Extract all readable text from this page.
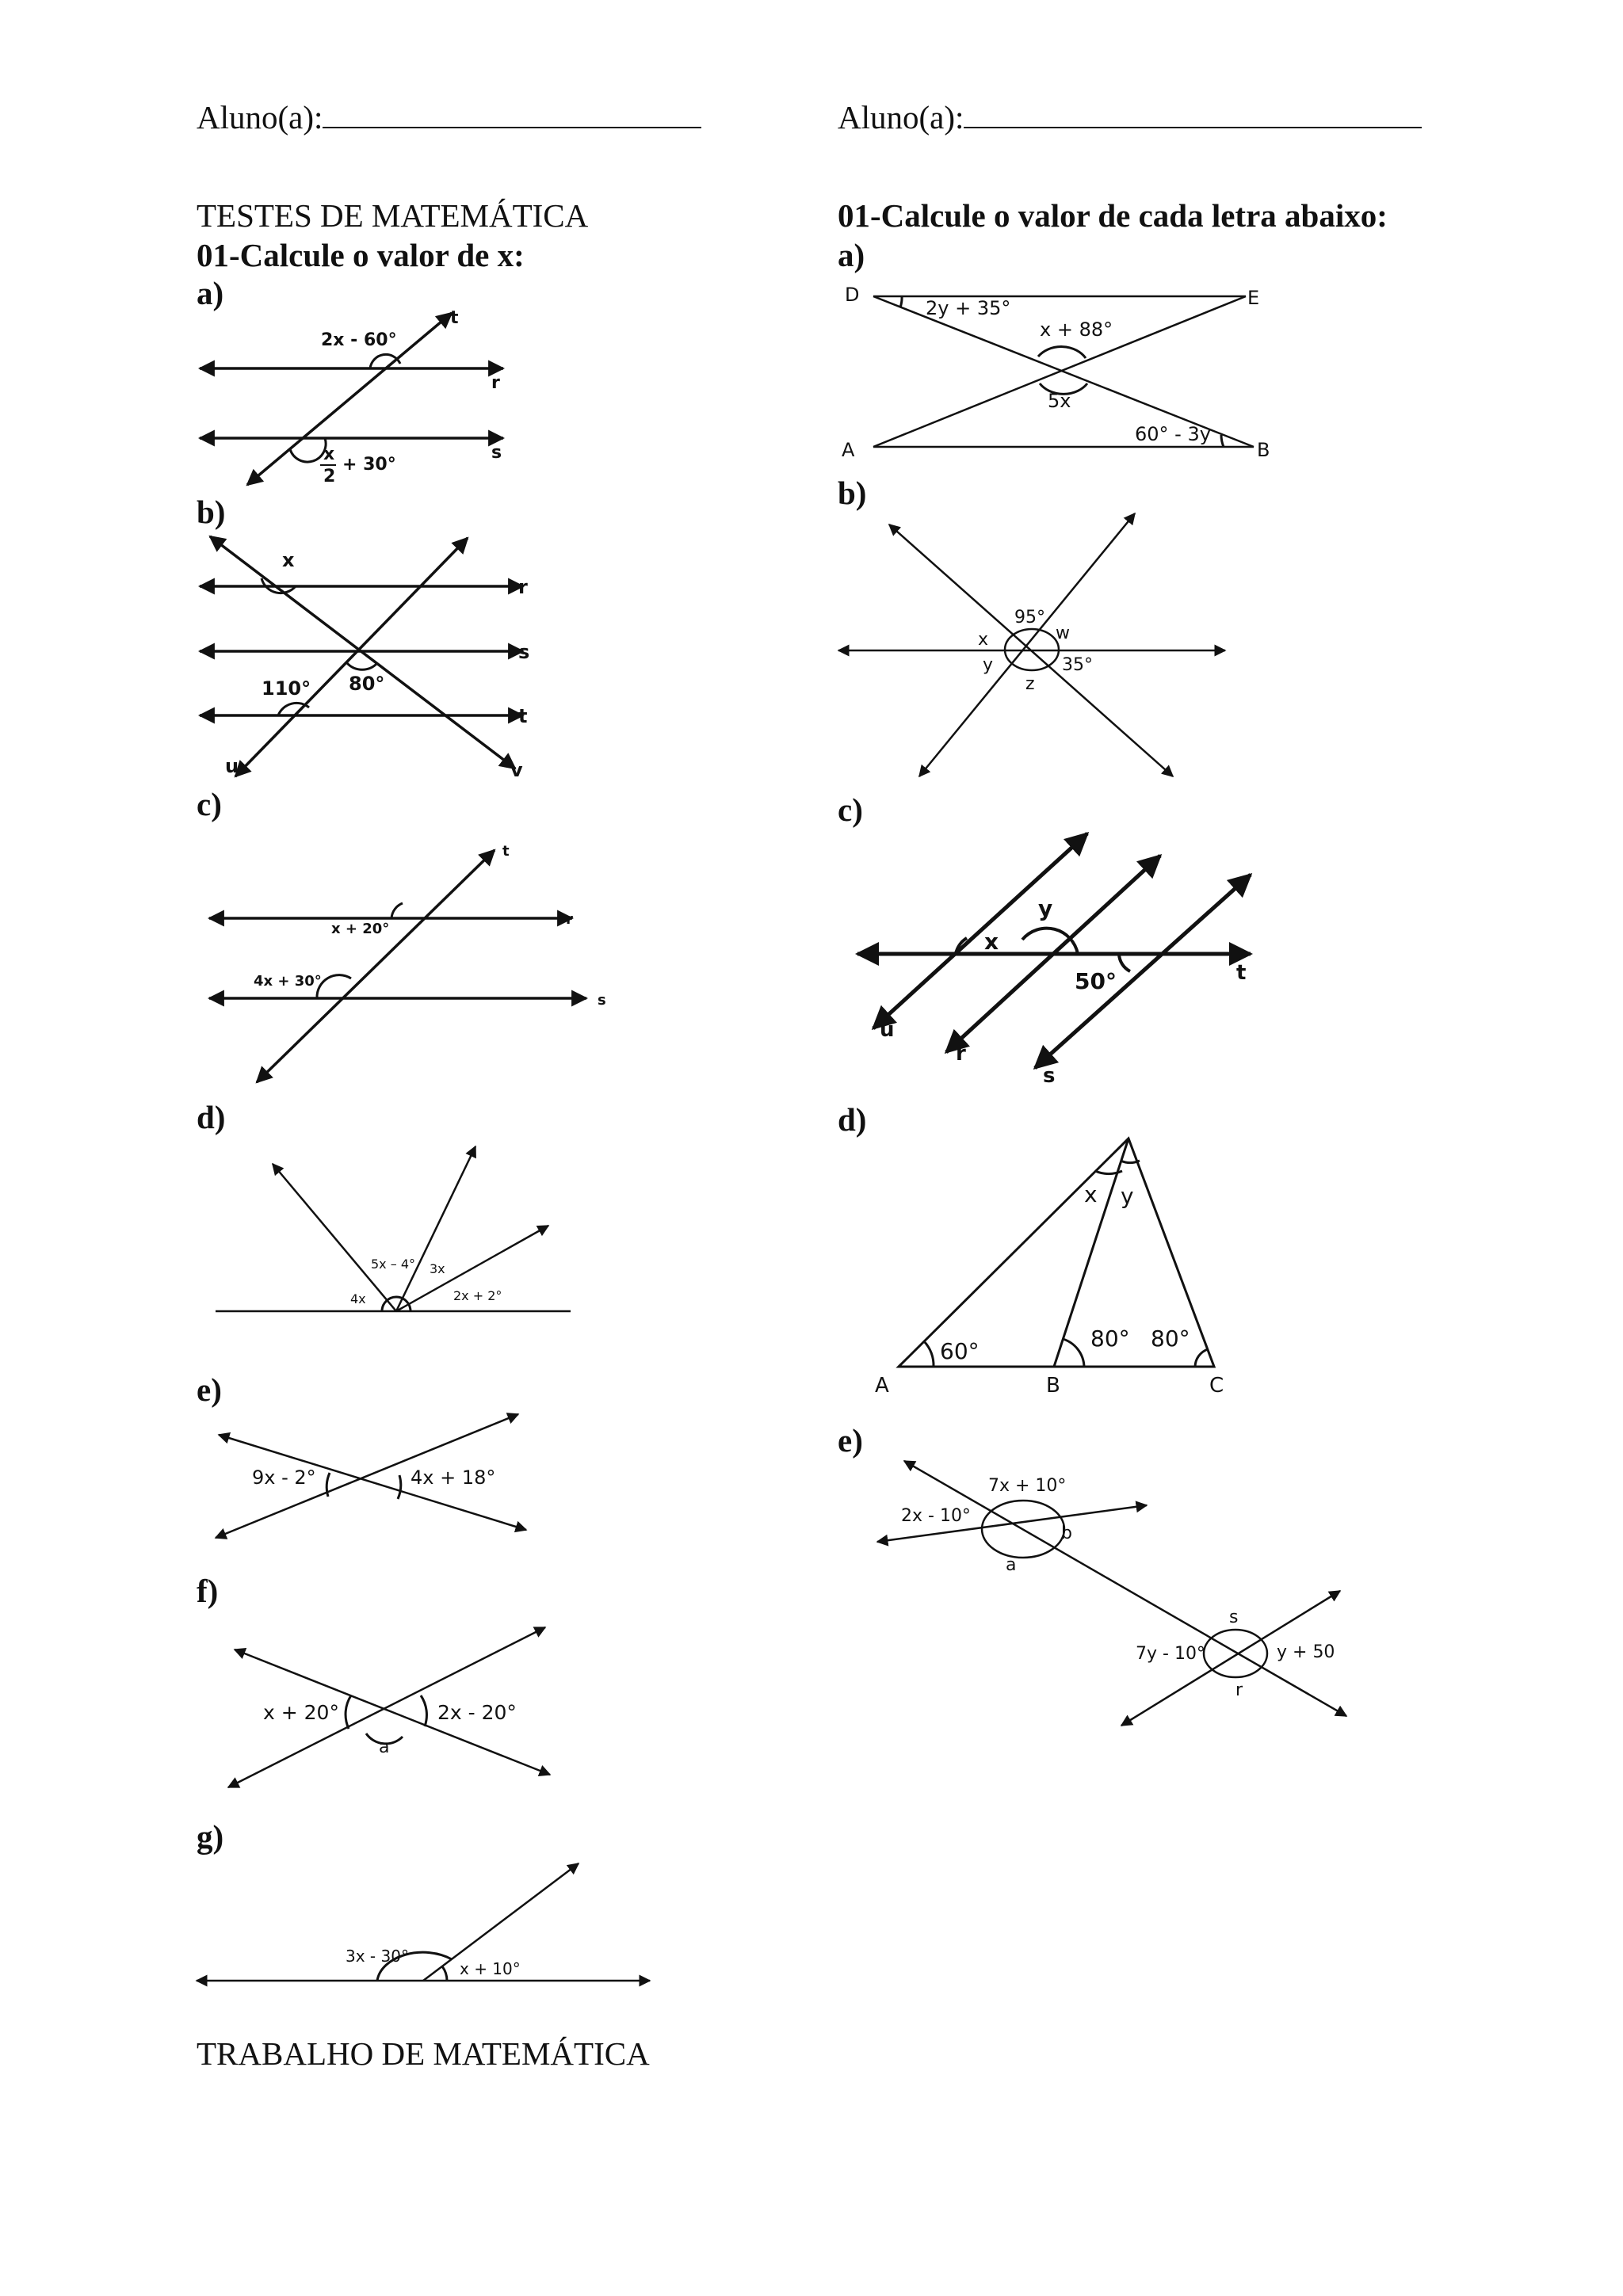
Aluno(a):	Aluno(a):
TESTES DE MATEMÁTICA
01-Calcule o valor de x:
01-Calcule o valor de cada letra abaixo:
a)
b)
c)
d)
e)
f)
g)
a)
b)
c)
d)
e)
TRABALHO DE MATEMÁTICA
2x - 60°
x
2
+ 30°
t
r
s
x
110° 80°
r
s
t
u	v
x + 20°
4x + 30°
t
r
s
4x
5x – 4° 3x
2x + 2°
9x - 2°	4x + 18°
x + 20°	2x - 20°
a
3x - 30°
x + 10°
D	E
A	B
2y + 35°
x + 88°
5x
60° - 3y
95°
x	w
y	35°
z
x
y
50°	t
u
r
s
x y
60°	80° 80°
A	B	C
7x + 10°
2x - 10°
b
a
s
7y - 10°	y + 50
r
